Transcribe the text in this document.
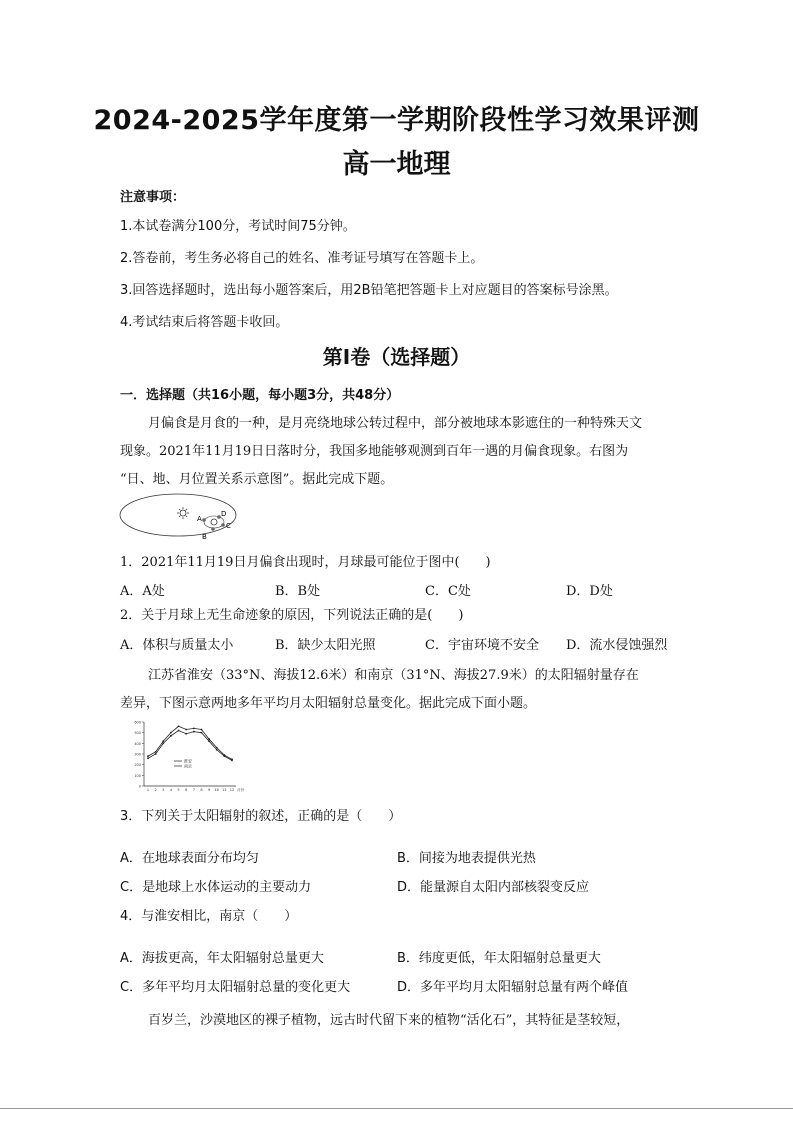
2024-2025学年度第一学期阶段性学习效果评测
高一地理
注意事项：
1.本试卷满分100分，考试时间75分钟。
2.答卷前，考生务必将自己的姓名、准考证号填写在答题卡上。
3.回答选择题时，选出每小题答案后，用2B铅笔把答题卡上对应题目的答案标号涂黑。
4.考试结束后将答题卡收回。
第Ⅰ卷（选择题）
一．选择题（共16小题，每小题3分，共48分）
月偏食是月食的一种，是月亮绕地球公转过程中，部分被地球本影遮住的一种特殊天文
现象。2021年11月19日日落时分，我国多地能够观测到百年一遇的月偏食现象。右图为
“日、地、月位置关系示意图”。据此完成下题。
A
B
C
D
1．2021年11月19日月偏食出现时，月球最可能位于图中(　　)
A．A处	B．B处	C．C处	D．D处
2．关于月球上无生命迹象的原因，下列说法正确的是(　　)
A．体积与质量太小	B．缺少太阳光照	C．宇宙环境不安全 D．流水侵蚀强烈
江苏省淮安（33°N、海拔12.6米）和南京（31°N、海拔27.9米）的太阳辐射量存在
差异，下图示意两地多年平均月太阳辐射总量变化。据此完成下面小题。
0
100
200
300
400
500
600
1 2 3 4 5 6 7 8 9 10 11 12 月份
淮安
南京
3．下列关于太阳辐射的叙述，正确的是（　　）
A．在地球表面分布均匀	B．间接为地表提供光热
C．是地球上水体运动的主要动力	D．能量源自太阳内部核裂变反应
4．与淮安相比，南京（　　）
A．海拔更高，年太阳辐射总量更大	B．纬度更低，年太阳辐射总量更大
C．多年平均月太阳辐射总量的变化更大	D．多年平均月太阳辐射总量有两个峰值
百岁兰，沙漠地区的裸子植物，远古时代留下来的植物“活化石”，其特征是茎较短，
